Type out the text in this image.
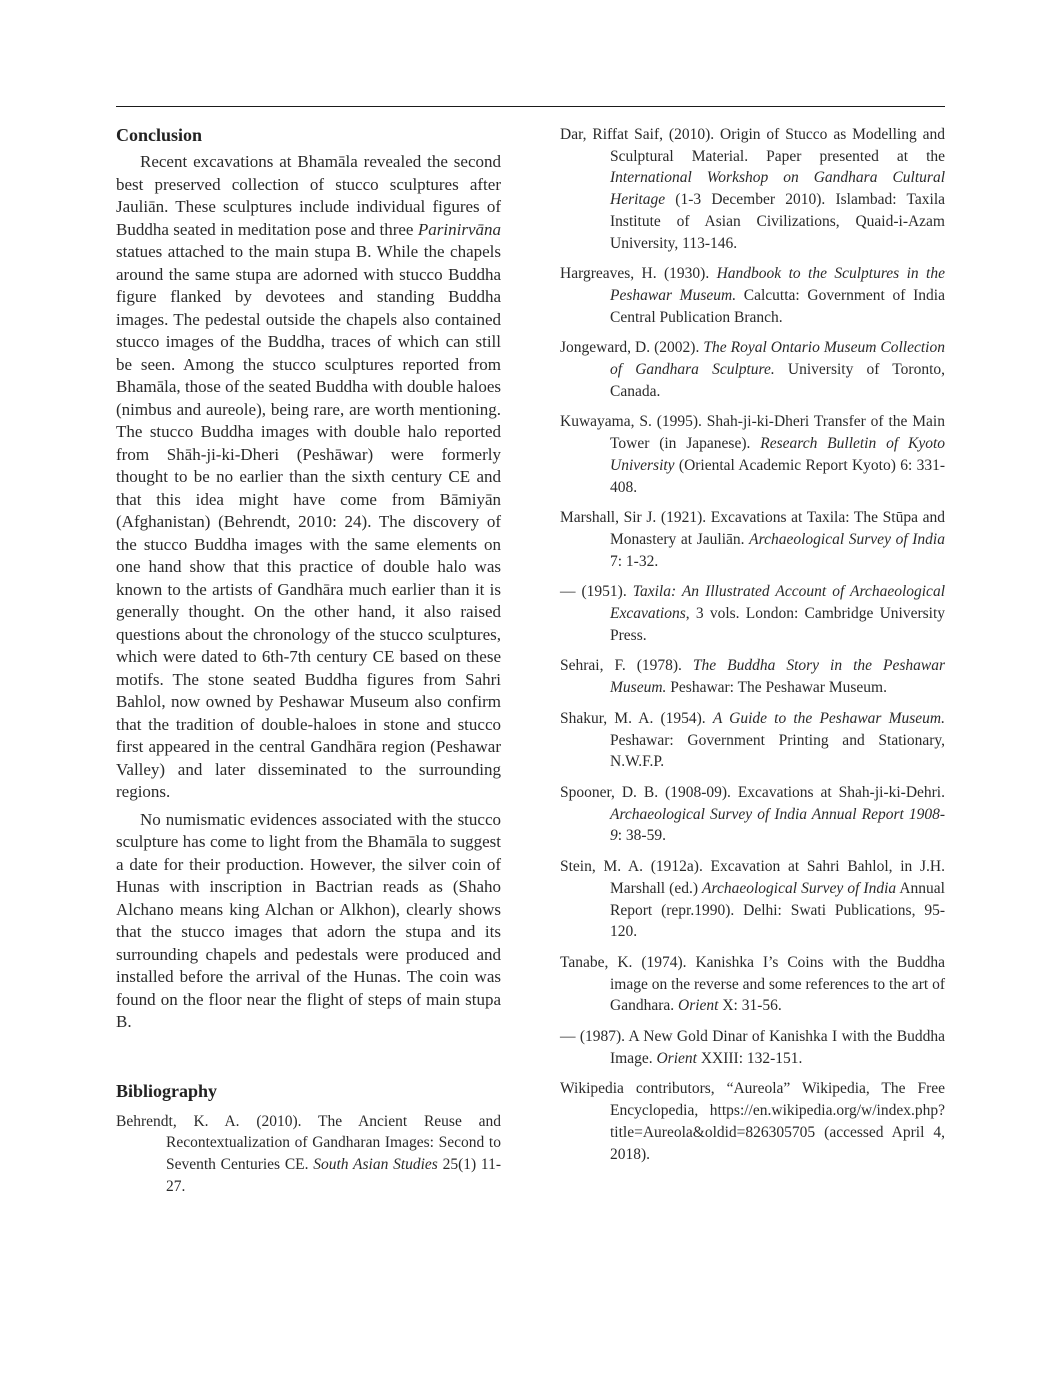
Conclusion

Recent excavations at Bhamāla revealed the second best preserved collection of stucco sculptures after Jauliān. These sculptures include individual figures of Buddha seated in meditation pose and three Parinirvāna statues attached to the main stupa B. While the chapels around the same stupa are adorned with stucco Buddha figure flanked by devotees and standing Buddha images. The pedestal outside the chapels also contained stucco images of the Buddha, traces of which can still be seen. Among the stucco sculptures reported from Bhamāla, those of the seated Buddha with double haloes (nimbus and aureole), being rare, are worth mentioning. The stucco Buddha images with double halo reported from Shāh-ji-ki-Dheri (Peshāwar) were formerly thought to be no earlier than the sixth century CE and that this idea might have come from Bāmiyān (Afghanistan) (Behrendt, 2010: 24). The discovery of the stucco Buddha images with the same elements on one hand show that this practice of double halo was known to the artists of Gandhāra much earlier than it is generally thought. On the other hand, it also raised questions about the chronology of the stucco sculptures, which were dated to 6th-7th century CE based on these motifs. The stone seated Buddha figures from Sahri Bahlol, now owned by Peshawar Museum also confirm that the tradition of double-haloes in stone and stucco first appeared in the central Gandhāra region (Peshawar Valley) and later disseminated to the surrounding regions.

No numismatic evidences associated with the stucco sculpture has come to light from the Bhamāla to suggest a date for their production. However, the silver coin of Hunas with inscription in Bactrian reads as (Shaho Alchano means king Alchan or Alkhon), clearly shows that the stucco images that adorn the stupa and its surrounding chapels and pedestals were produced and installed before the arrival of the Hunas. The coin was found on the floor near the flight of steps of main stupa B.

Bibliography

Behrendt, K. A. (2010). The Ancient Reuse and Recontextualization of Gandharan Images: Second to Seventh Centuries CE. South Asian Studies 25(1) 11-27.

Dar, Riffat Saif, (2010). Origin of Stucco as Modelling and Sculptural Material. Paper presented at the International Workshop on Gandhara Cultural Heritage (1-3 December 2010). Islambad: Taxila Institute of Asian Civilizations, Quaid-i-Azam University, 113-146.

Hargreaves, H. (1930). Handbook to the Sculptures in the Peshawar Museum. Calcutta: Government of India Central Publication Branch.

Jongeward, D. (2002). The Royal Ontario Museum Collection of Gandhara Sculpture. University of Toronto, Canada.

Kuwayama, S. (1995). Shah-ji-ki-Dheri Transfer of the Main Tower (in Japanese). Research Bulletin of Kyoto University (Oriental Academic Report Kyoto) 6: 331-408.

Marshall, Sir J. (1921). Excavations at Taxila: The Stūpa and Monastery at Jauliān. Archaeological Survey of India 7: 1-32.

— (1951). Taxila: An Illustrated Account of Archaeological Excavations, 3 vols. London: Cambridge University Press.

Sehrai, F. (1978). The Buddha Story in the Peshawar Museum. Peshawar: The Peshawar Museum.

Shakur, M. A. (1954). A Guide to the Peshawar Museum. Peshawar: Government Printing and Stationary, N.W.F.P.

Spooner, D. B. (1908-09). Excavations at Shah-ji-ki-Dehri. Archaeological Survey of India Annual Report 1908-9: 38-59.

Stein, M. A. (1912a). Excavation at Sahri Bahlol, in J.H. Marshall (ed.) Archaeological Survey of India Annual Report (repr.1990). Delhi: Swati Publications, 95-120.

Tanabe, K. (1974). Kanishka I’s Coins with the Buddha image on the reverse and some references to the art of Gandhara. Orient X: 31-56.

— (1987). A New Gold Dinar of Kanishka I with the Buddha Image. Orient XXIII: 132-151.

Wikipedia contributors, “Aureola” Wikipedia, The Free Encyclopedia, https://en.wikipedia.org/w/index.php?title=Aureola&oldid=826305705 (accessed April 4, 2018).
